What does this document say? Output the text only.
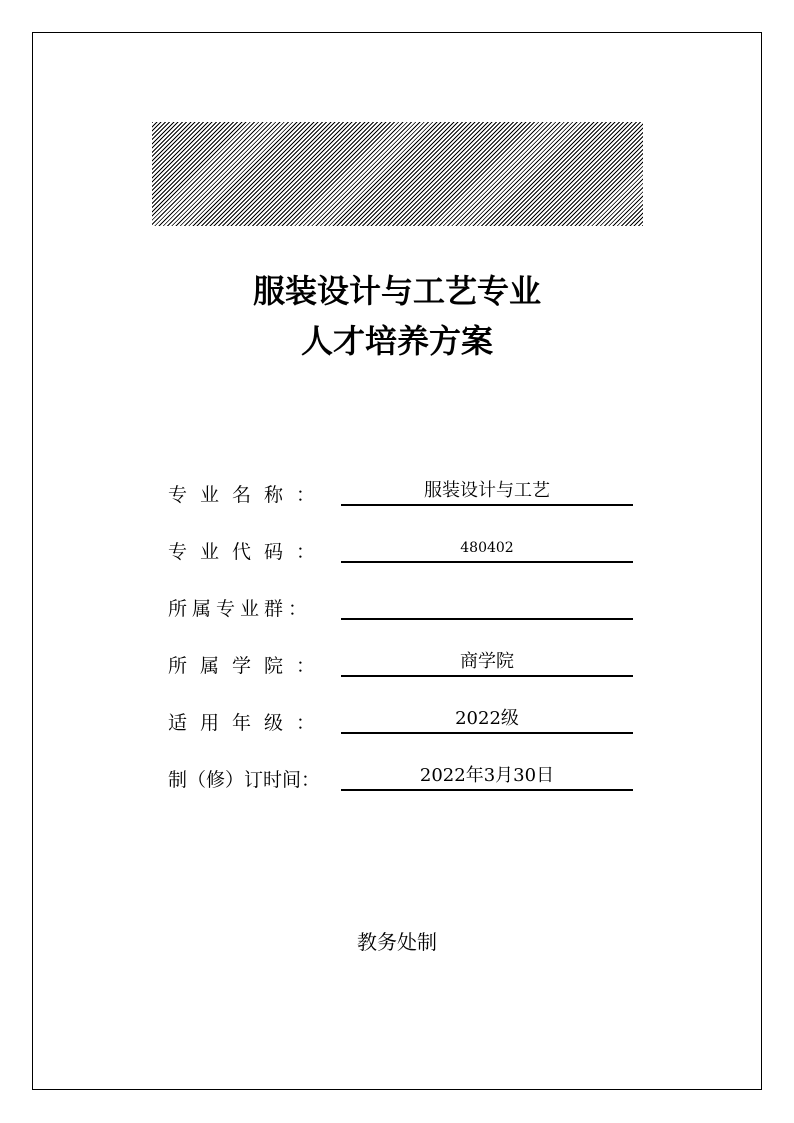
服装设计与工艺专业
人才培养方案
专业名称：	服装设计与工艺
专业代码：	480402
所属专业群：
所属学院：	商学院
适用年级：	2022级
制（修）订时间：	2022年3月30日
教务处制
